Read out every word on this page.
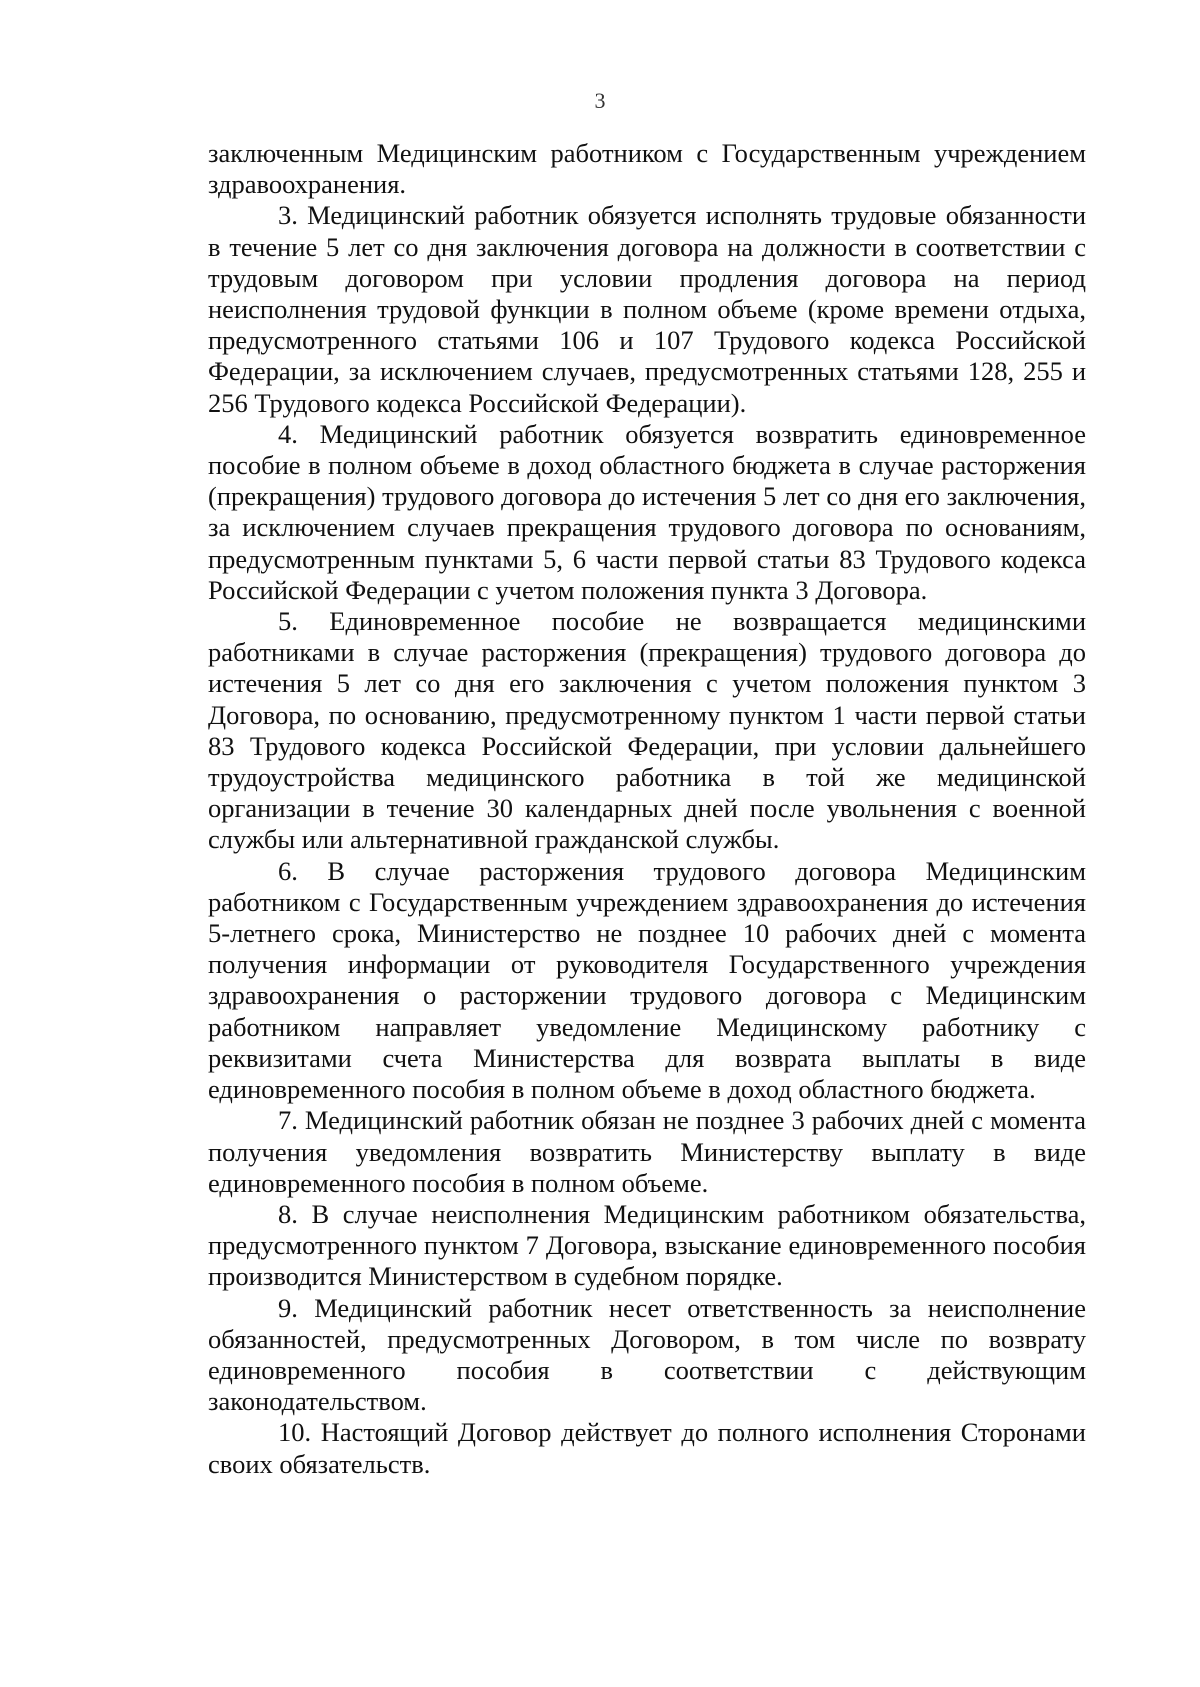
3

заключенным Медицинским работником с Государственным учреждением здравоохранения.

3. Медицинский работник обязуется исполнять трудовые обязанности в течение 5 лет со дня заключения договора на должности в соответствии с трудовым договором при условии продления договора на период неисполнения трудовой функции в полном объеме (кроме времени отдыха, предусмотренного статьями 106 и 107 Трудового кодекса Российской Федерации, за исключением случаев, предусмотренных статьями 128, 255 и 256 Трудового кодекса Российской Федерации).

4. Медицинский работник обязуется возвратить единовременное пособие в полном объеме в доход областного бюджета в случае расторжения (прекращения) трудового договора до истечения 5 лет со дня его заключения, за исключением случаев прекращения трудового договора по основаниям, предусмотренным пунктами 5, 6 части первой статьи 83 Трудового кодекса Российской Федерации с учетом положения пункта 3 Договора.

5. Единовременное пособие не возвращается медицинскими работниками в случае расторжения (прекращения) трудового договора до истечения 5 лет со дня его заключения с учетом положения пунктом 3 Договора, по основанию, предусмотренному пунктом 1 части первой статьи 83 Трудового кодекса Российской Федерации, при условии дальнейшего трудоустройства медицинского работника в той же медицинской организации в течение 30 календарных дней после увольнения с военной службы или альтернативной гражданской службы.

6. В случае расторжения трудового договора Медицинским работником с Государственным учреждением здравоохранения до истечения 5-летнего срока, Министерство не позднее 10 рабочих дней с момента получения информации от руководителя Государственного учреждения здравоохранения о расторжении трудового договора с Медицинским работником направляет уведомление Медицинскому работнику с реквизитами счета Министерства для возврата выплаты в виде единовременного пособия в полном объеме в доход областного бюджета.

7. Медицинский работник обязан не позднее 3 рабочих дней с момента получения уведомления возвратить Министерству выплату в виде единовременного пособия в полном объеме.

8. В случае неисполнения Медицинским работником обязательства, предусмотренного пунктом 7 Договора, взыскание единовременного пособия производится Министерством в судебном порядке.

9. Медицинский работник несет ответственность за неисполнение обязанностей, предусмотренных Договором, в том числе по возврату единовременного пособия в соответствии с действующим законодательством.

10. Настоящий Договор действует до полного исполнения Сторонами своих обязательств.
